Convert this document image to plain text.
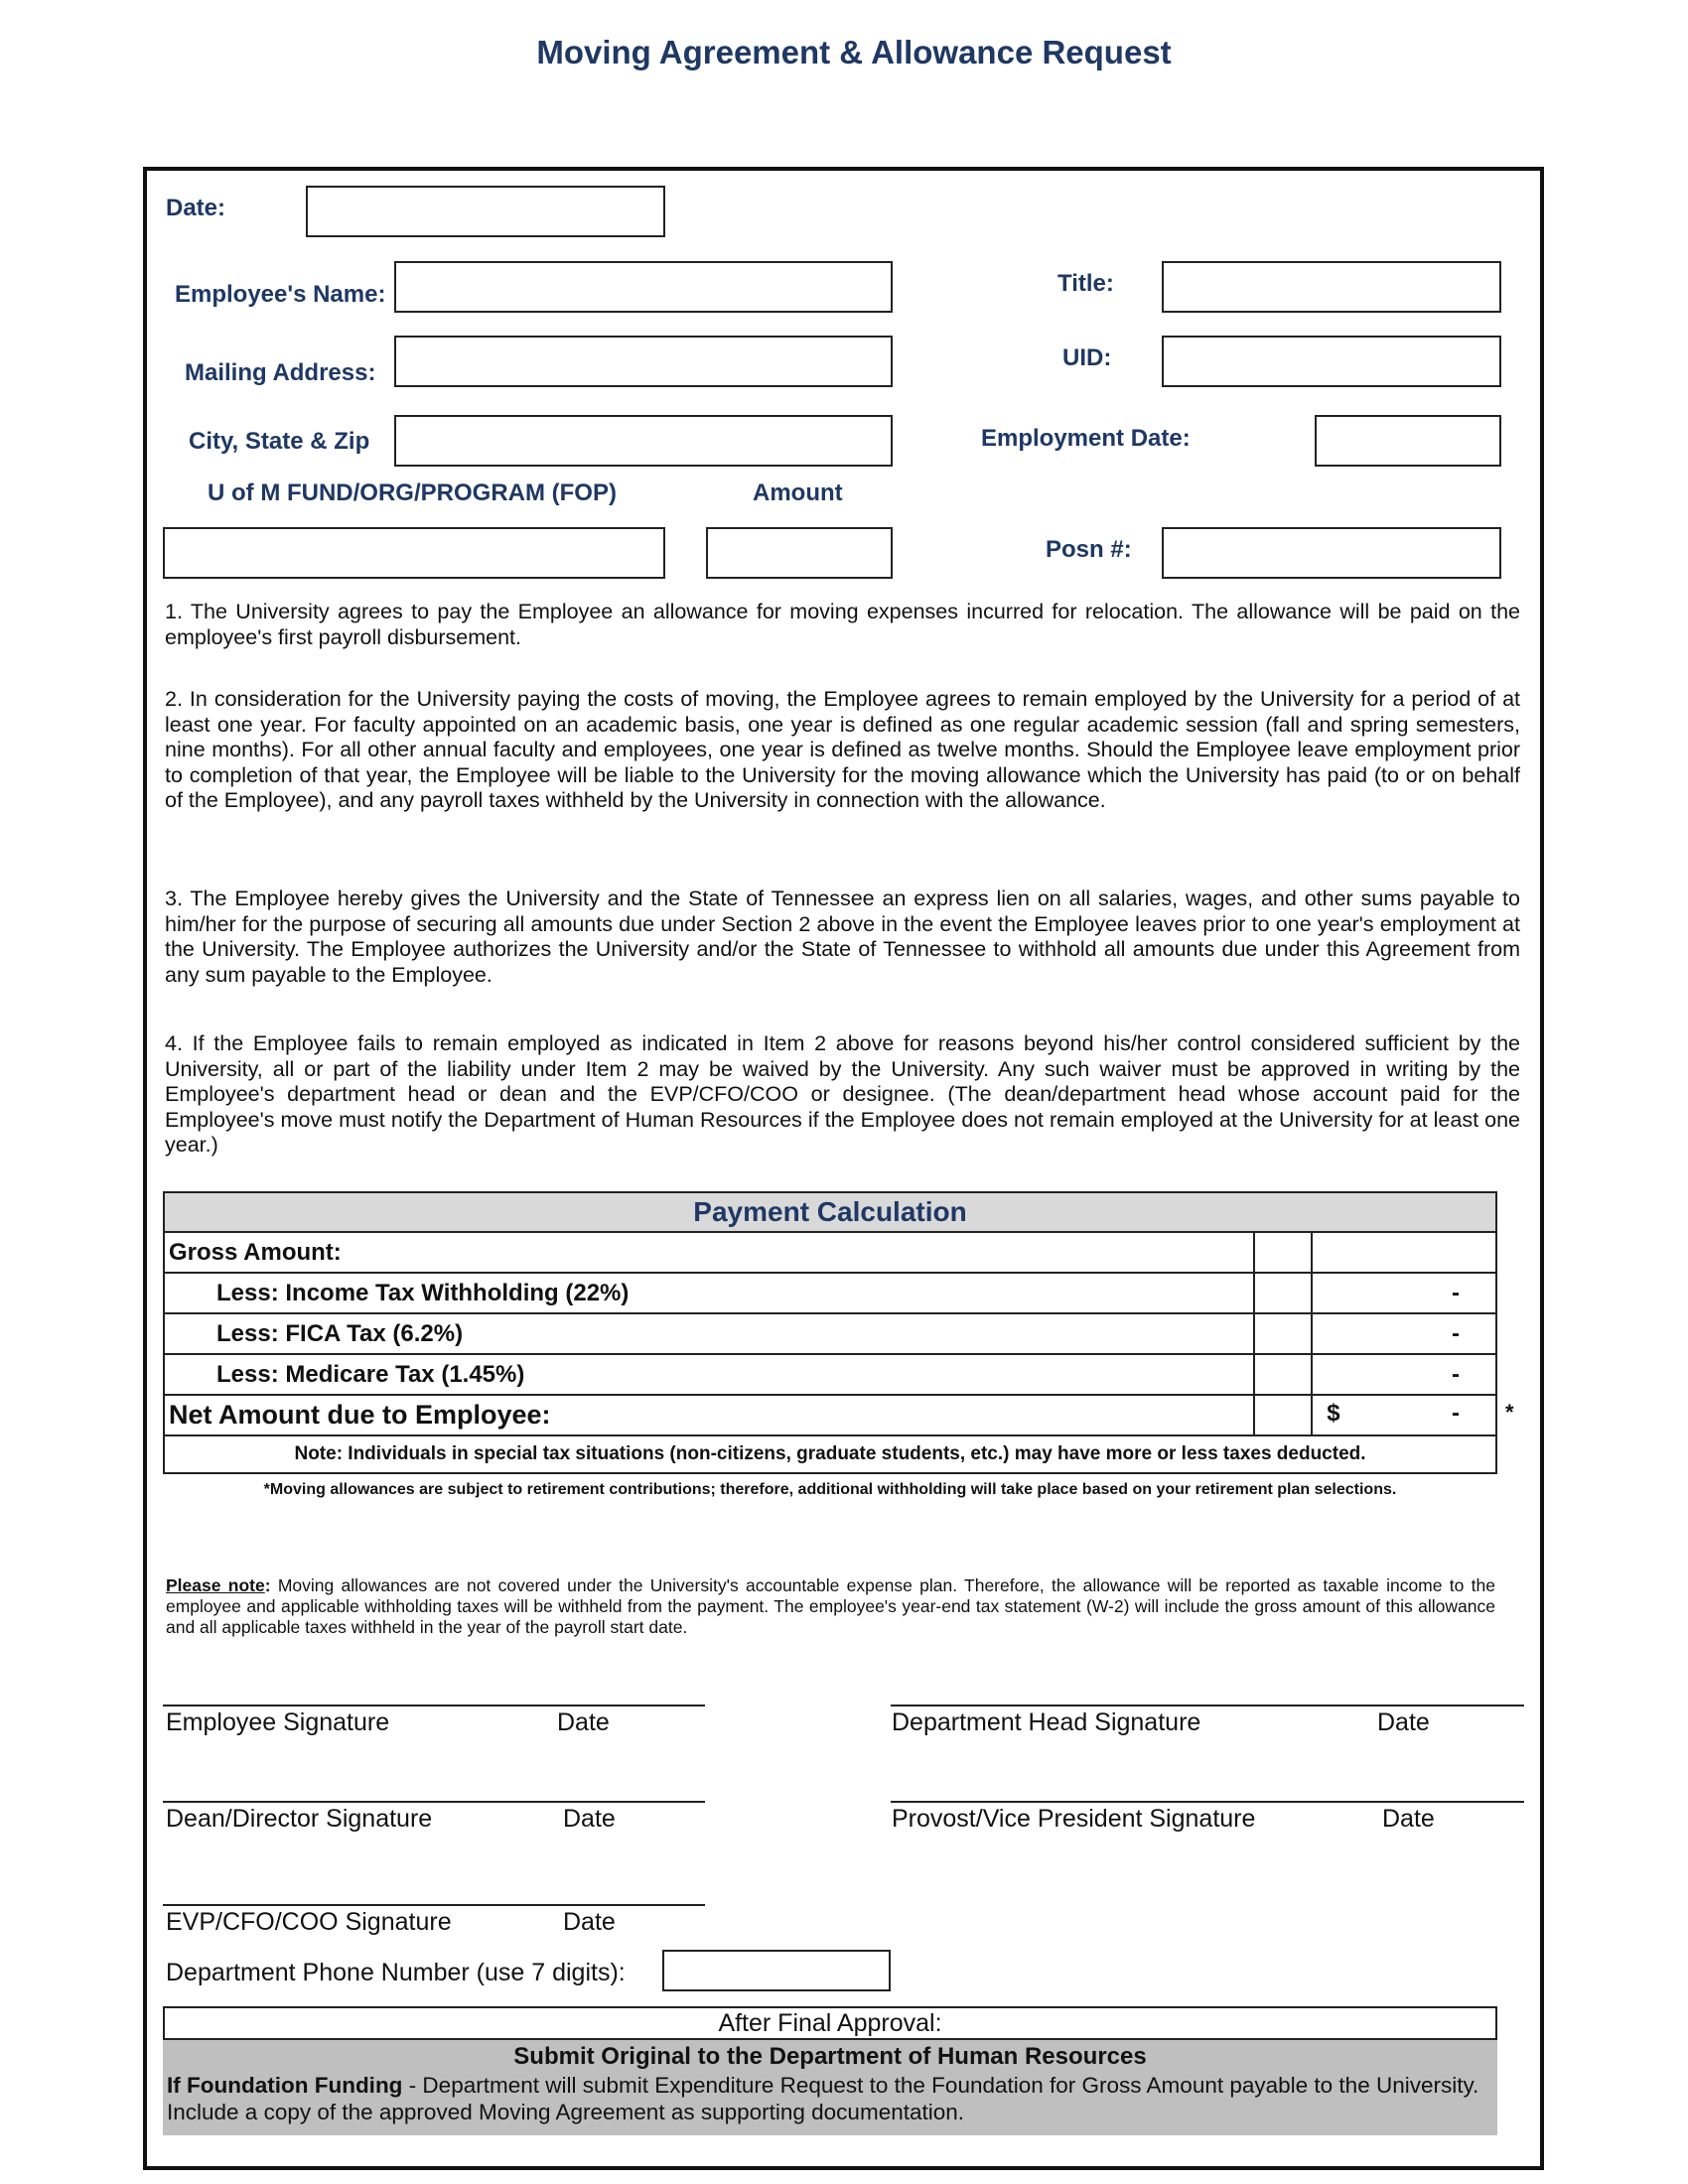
Moving Agreement & Allowance Request
Date:
Employee's Name:
Mailing Address:
City, State & Zip
U of M FUND/ORG/PROGRAM (FOP)	Amount
Title:
UID:
Employment Date:
Posn #:
1. The University agrees to pay the Employee an allowance for moving expenses incurred for relocation. The allowance will be paid on the employee's first payroll disbursement.
2. In consideration for the University paying the costs of moving, the Employee agrees to remain employed by the University for a period of at least one year. For faculty appointed on an academic basis, one year is defined as one regular academic session (fall and spring semesters, nine months). For all other annual faculty and employees, one year is defined as twelve months. Should the Employee leave employment prior to completion of that year, the Employee will be liable to the University for the moving allowance which the University has paid (to or on behalf of the Employee), and any payroll taxes withheld by the University in connection with the allowance.
3. The Employee hereby gives the University and the State of Tennessee an express lien on all salaries, wages, and other sums payable to him/her for the purpose of securing all amounts due under Section 2 above in the event the Employee leaves prior to one year's employment at the University. The Employee authorizes the University and/or the State of Tennessee to withhold all amounts due under this Agreement from any sum payable to the Employee.
4. If the Employee fails to remain employed as indicated in Item 2 above for reasons beyond his/her control considered sufficient by the University, all or part of the liability under Item 2 may be waived by the University. Any such waiver must be approved in writing by the Employee's department head or dean and the EVP/CFO/COO or designee. (The dean/department head whose account paid for the Employee's move must notify the Department of Human Resources if the Employee does not remain employed at the University for at least one year.)
Payment Calculation		
Gross Amount:		
Less: Income Tax Withholding (22%)		-
Less: FICA Tax (6.2%)		-
Less: Medicare Tax (1.45%)		-
Net Amount due to Employee:		$ -

Note: Individuals in special tax situations (non-citizens, graduate students, etc.) may have more or less taxes deducted.		
*
*Moving allowances are subject to retirement contributions; therefore, additional withholding will take place based on your retirement plan selections.
Please note: Moving allowances are not covered under the University's accountable expense plan. Therefore, the allowance will be reported as taxable income to the employee and applicable withholding taxes will be withheld from the payment. The employee's year-end tax statement (W-2) will include the gross amount of this allowance and all applicable taxes withheld in the year of the payroll start date.
Employee Signature	Date	Department Head Signature	Date
Dean/Director Signature	Date	Provost/Vice President Signature	Date
EVP/CFO/COO Signature	Date
Department Phone Number (use 7 digits):
After Final Approval:
Submit Original to the Department of Human Resources
If Foundation Funding - Department will submit Expenditure Request to the Foundation for Gross Amount payable to the University. Include a copy of the approved Moving Agreement as supporting documentation.
